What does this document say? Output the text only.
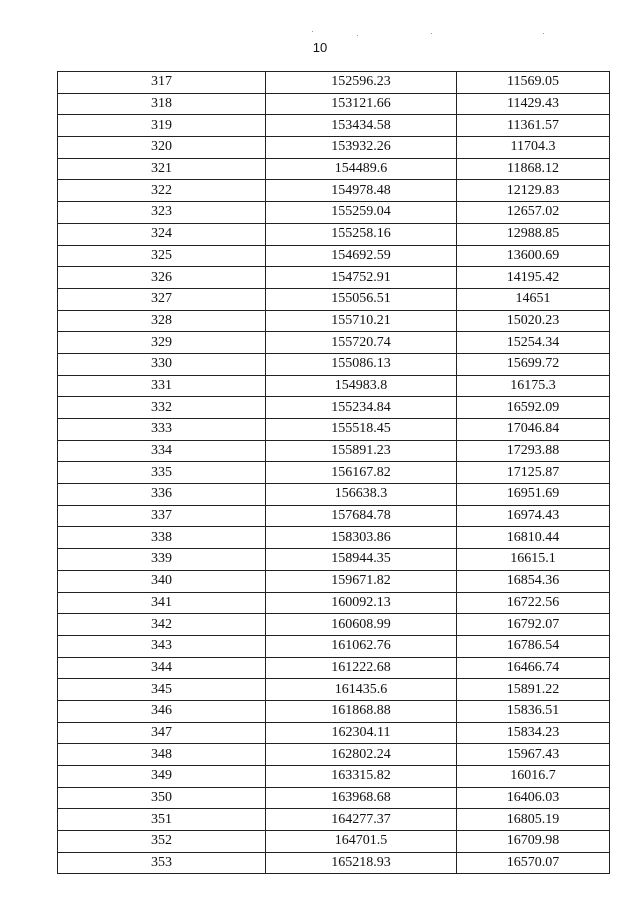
10
317	152596.23	11569.05
318	153121.66	11429.43
319	153434.58	11361.57
320	153932.26	11704.3
321	154489.6	11868.12
322	154978.48	12129.83
323	155259.04	12657.02
324	155258.16	12988.85
325	154692.59	13600.69
326	154752.91	14195.42
327	155056.51	14651
328	155710.21	15020.23
329	155720.74	15254.34
330	155086.13	15699.72
331	154983.8	16175.3
332	155234.84	16592.09
333	155518.45	17046.84
334	155891.23	17293.88
335	156167.82	17125.87
336	156638.3	16951.69
337	157684.78	16974.43
338	158303.86	16810.44
339	158944.35	16615.1
340	159671.82	16854.36
341	160092.13	16722.56
342	160608.99	16792.07
343	161062.76	16786.54
344	161222.68	16466.74
345	161435.6	15891.22
346	161868.88	15836.51
347	162304.11	15834.23
348	162802.24	15967.43
349	163315.82	16016.7
350	163968.68	16406.03
351	164277.37	16805.19
352	164701.5	16709.98
353	165218.93	16570.07
